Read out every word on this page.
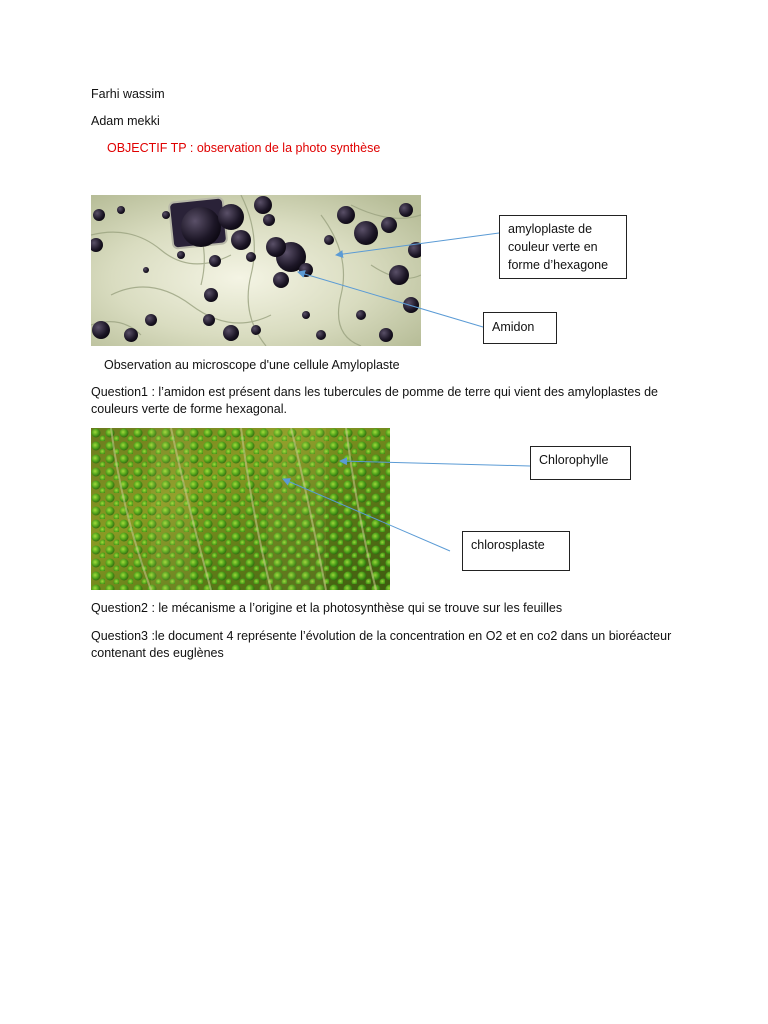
Farhi wassim
Adam mekki
OBJECTIF TP : observation de la photo synthèse
amyloplaste de couleur verte en forme d’hexagone
Amidon
Observation au microscope d'une cellule Amyloplaste
Question1 : l’amidon est présent dans les tubercules de pomme de terre qui vient des amyloplastes de couleurs verte de forme hexagonal.
Chlorophylle
chlorosplaste
Question2 : le mécanisme a l’origine et la photosynthèse qui se trouve sur les feuilles
Question3 :le document 4 représente l’évolution de la concentration en O2 et en co2 dans un bioréacteur contenant des euglènes
